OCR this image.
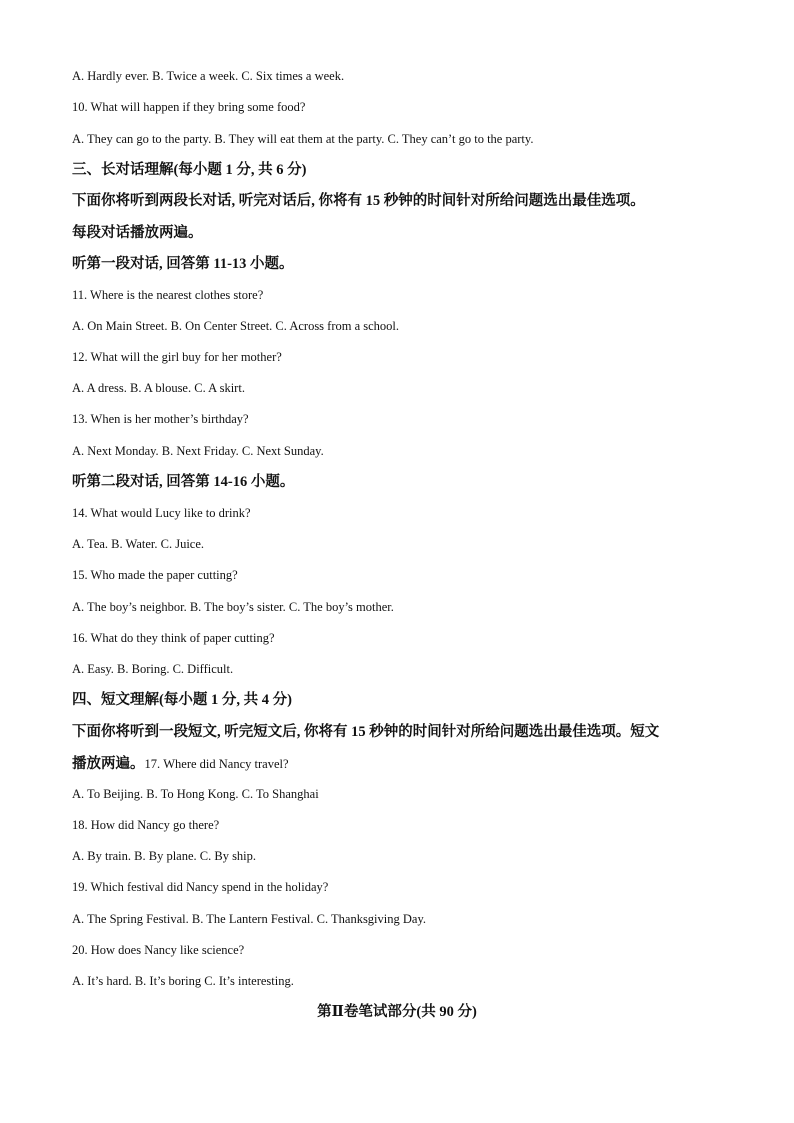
A. Hardly ever. B. Twice a week. C. Six times a week.
10. What will happen if they bring some food?
A. They can go to the party. B. They will eat them at the party. C. They can’t go to the party.
三、长对话理解(每小题 1 分, 共 6 分)
下面你将听到两段长对话, 听完对话后, 你将有 15 秒钟的时间针对所给问题选出最佳选项。
每段对话播放两遍。
听第一段对话, 回答第 11-13 小题。
11. Where is the nearest clothes store?
A. On Main Street. B. On Center Street. C. Across from a school.
12. What will the girl buy for her mother?
A. A dress. B. A blouse. C. A skirt.
13. When is her mother’s birthday?
A. Next Monday. B. Next Friday. C. Next Sunday.
听第二段对话, 回答第 14-16 小题。
14. What would Lucy like to drink?
A. Tea. B. Water. C. Juice.
15. Who made the paper cutting?
A. The boy’s neighbor. B. The boy’s sister. C. The boy’s mother.
16. What do they think of paper cutting?
A. Easy. B. Boring. C. Difficult.
四、短文理解(每小题 1 分, 共 4 分)
下面你将听到一段短文, 听完短文后, 你将有 15 秒钟的时间针对所给问题选出最佳选项。短文
播放两遍。17. Where did Nancy travel?
A. To Beijing. B. To Hong Kong. C. To Shanghai
18. How did Nancy go there?
A. By train. B. By plane. C. By ship.
19. Which festival did Nancy spend in the holiday?
A. The Spring Festival. B. The Lantern Festival. C. Thanksgiving Day.
20. How does Nancy like science?
A. It’s hard. B. It’s boring C. It’s interesting.
第Ⅱ卷笔试部分(共 90 分)
